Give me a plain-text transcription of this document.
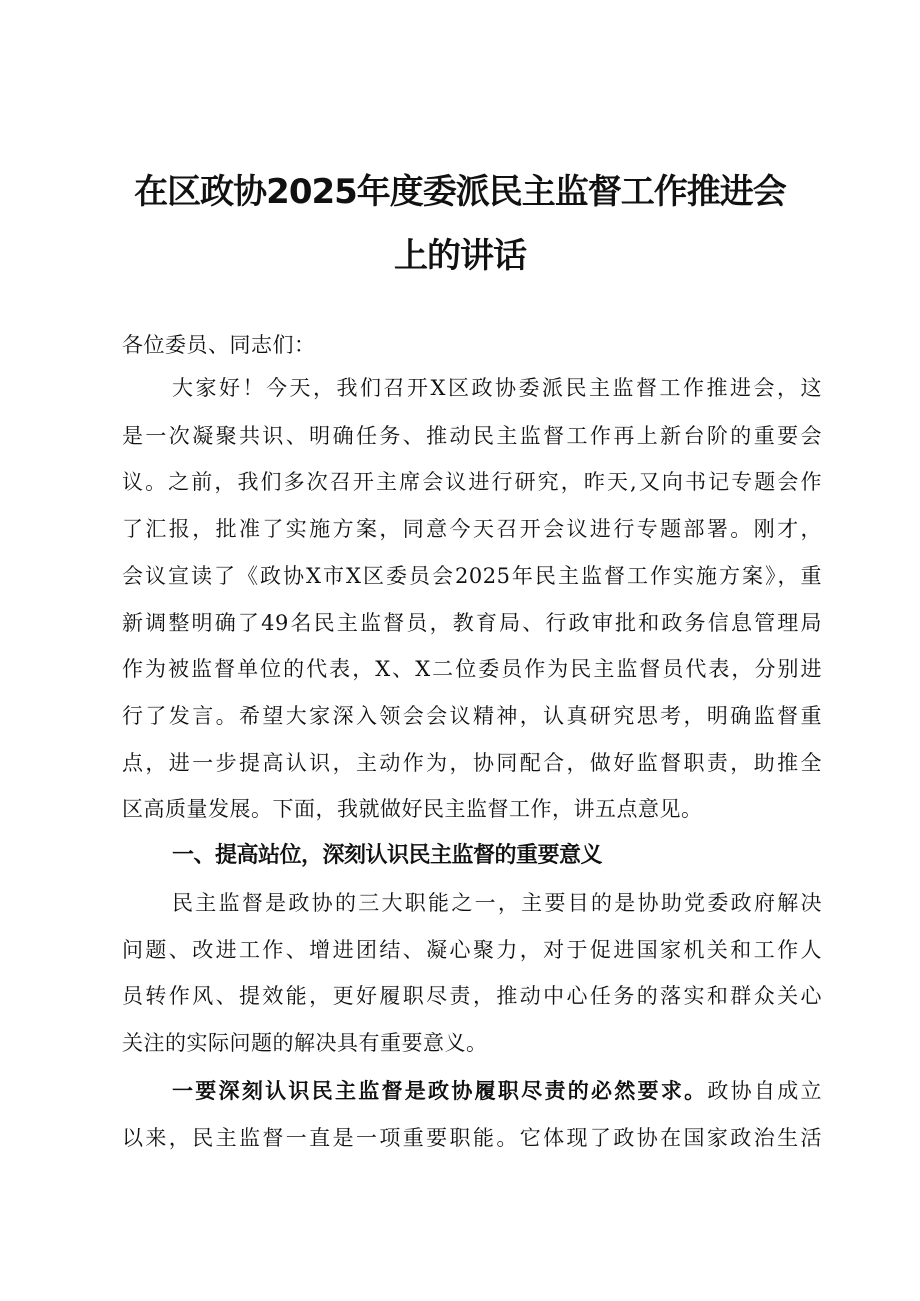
在区政协2025年度委派民主监督工作推进会
上的讲话
各位委员、同志们：
大家好！今天，我们召开X区政协委派民主监督工作推进会，这
是一次凝聚共识、明确任务、推动民主监督工作再上新台阶的重要会
议。之前，我们多次召开主席会议进行研究，昨天,又向书记专题会作
了汇报，批准了实施方案，同意今天召开会议进行专题部署。刚才，
会议宣读了《政协X市X区委员会2025年民主监督工作实施方案》，重
新调整明确了49名民主监督员，教育局、行政审批和政务信息管理局
作为被监督单位的代表，X、X二位委员作为民主监督员代表，分别进
行了发言。希望大家深入领会会议精神，认真研究思考，明确监督重
点，进一步提高认识，主动作为，协同配合，做好监督职责，助推全
区高质量发展。下面，我就做好民主监督工作，讲五点意见。
一、提高站位，深刻认识民主监督的重要意义
民主监督是政协的三大职能之一，主要目的是协助党委政府解决
问题、改进工作、增进团结、凝心聚力，对于促进国家机关和工作人
员转作风、提效能，更好履职尽责，推动中心任务的落实和群众关心
关注的实际问题的解决具有重要意义。
一要深刻认识民主监督是政协履职尽责的必然要求。政协自成立
以来，民主监督一直是一项重要职能。它体现了政协在国家政治生活
